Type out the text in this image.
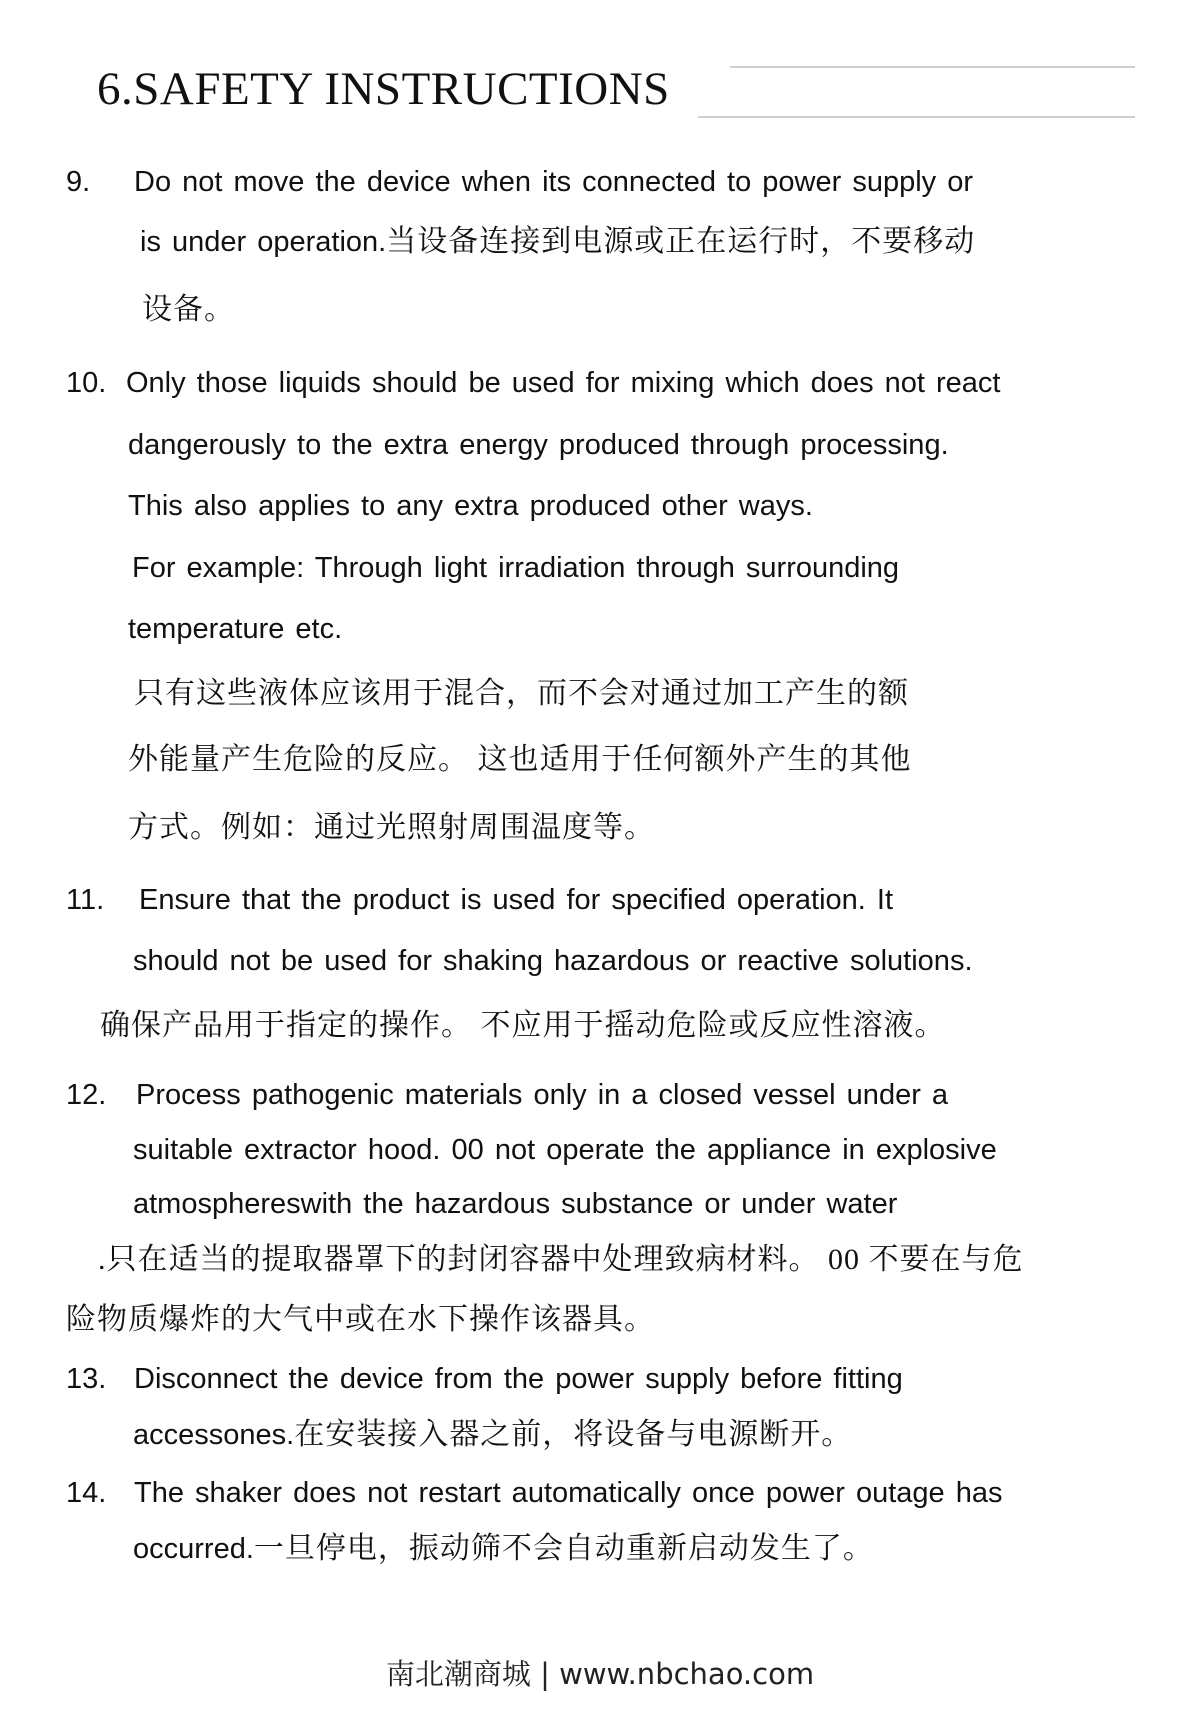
6.SAFETY INSTRUCTIONS
9. Do not move the device when its connected to power supply or
is under operation.当设备连接到电源或正在运行时，不要移动
设备。
10. Only those liquids should be used for mixing which does not react
dangerously to the extra energy produced through processing.
This also applies to any extra produced other ways.
For example: Through light irradiation through surrounding
temperature etc.
只有这些液体应该用于混合，而不会对通过加工产生的额
外能量产生危险的反应。 这也适用于任何额外产生的其他
方式。例如：通过光照射周围温度等。
11. Ensure that the product is used for specified operation. It
should not be used for shaking hazardous or reactive solutions.
确保产品用于指定的操作。 不应用于摇动危险或反应性溶液。
12. Process pathogenic materials only in a closed vessel under a
suitable extractor hood. 00 not operate the appliance in explosive
atmosphereswith the hazardous substance or under water
.只在适当的提取器罩下的封闭容器中处理致病材料。 00 不要在与危
险物质爆炸的大气中或在水下操作该器具。
13. Disconnect the device from the power supply before fitting
accessones.在安装接入器之前，将设备与电源断开。
14. The shaker does not restart automatically once power outage has
occurred.一旦停电，振动筛不会自动重新启动发生了。
南北潮商城 | www.nbchao.com
